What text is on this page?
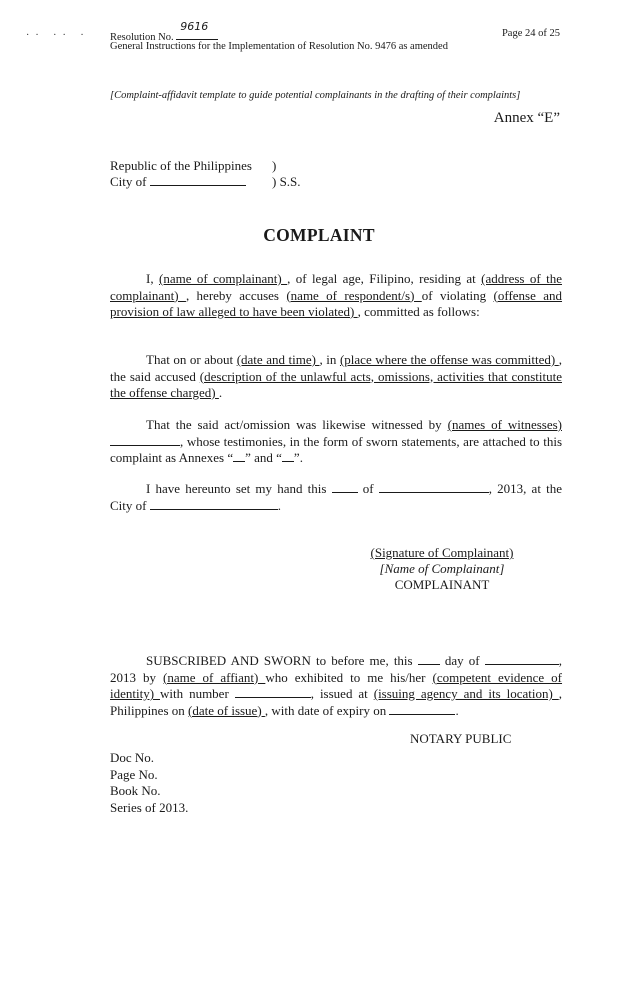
·· ·· · Resolution No.
9616
Page 24 of 25
General Instructions for the Implementation of Resolution No. 9476 as amended
[Complaint-affidavit template to guide potential complainants in the drafting of their complaints]
Annex “E”
Republic of the Philippines )
City of	) S.S.
COMPLAINT
I, (name of complainant) , of legal age, Filipino, residing at (address of the complainant) , hereby accuses (name of respondent/s) of violating (offense and provision of law alleged to have been violated) , committed as follows:
That on or about (date and time) , in (place where the offense was committed) , the said accused (description of the unlawful acts, omissions, activities that constitute the offense charged) .
That the said act/omission was likewise witnessed by (names of witnesses) , whose testimonies, in the form of sworn statements, are attached to this complaint as Annexes “ ” and “ ”.
I have hereunto set my hand this  of	, 2013, at the City of	.
(Signature of Complainant)
[Name of Complainant]
COMPLAINANT
SUBSCRIBED AND SWORN to before me, this  day of	, 2013 by (name of affiant) who exhibited to me his/her (competent evidence of identity) with number	, issued at (issuing agency and its location) , Philippines on (date of issue) , with date of expiry on	.
NOTARY PUBLIC
Doc No.
Page No.
Book No.
Series of 2013.
